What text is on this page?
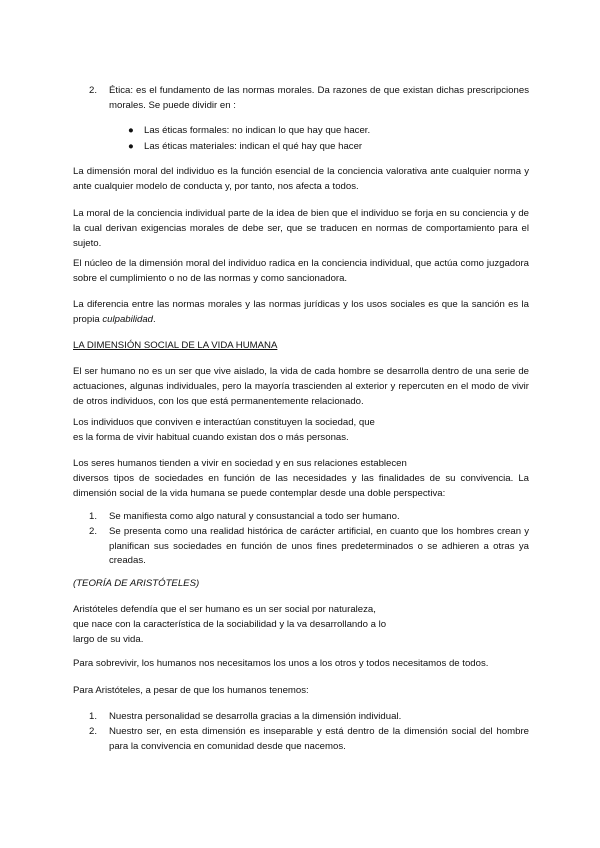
2. Ética: es el fundamento de las normas morales. Da razones de que existan dichas prescripciones morales. Se puede dividir en :
● Las éticas formales: no indican lo que hay que hacer.
● Las éticas materiales: indican el qué hay que hacer
La dimensión moral del individuo es la función esencial de la conciencia valorativa ante cualquier norma y ante cualquier modelo de conducta y, por tanto, nos afecta a todos.
La moral de la conciencia individual parte de la idea de bien que el individuo se forja en su conciencia y de la cual derivan exigencias morales de debe ser, que se traducen en normas de comportamiento para el sujeto.
El núcleo de la dimensión moral del individuo radica en la conciencia individual, que actúa como juzgadora sobre el cumplimiento o no de las normas y como sancionadora.
La diferencia entre las normas morales y las normas jurídicas y los usos sociales es que la sanción es la propia culpabilidad.
LA DIMENSIÓN SOCIAL DE LA VIDA HUMANA
El ser humano no es un ser que vive aislado, la vida de cada hombre se desarrolla dentro de una serie de actuaciones, algunas individuales, pero la mayoría trascienden al exterior y repercuten en el modo de vivir de otros individuos, con los que está permanentemente relacionado.
Los individuos que conviven e interactúan constituyen la sociedad, que
es la forma de vivir habitual cuando existan dos o más personas.
Los seres humanos tienden a vivir en sociedad y en sus relaciones establecen
diversos tipos de sociedades en función de las necesidades y las finalidades de su convivencia. La dimensión social de la vida humana se puede contemplar desde una doble perspectiva:
1. Se manifiesta como algo natural y consustancial a todo ser humano.
2. Se presenta como una realidad histórica de carácter artificial, en cuanto que los hombres crean y planifican sus sociedades en función de unos fines predeterminados o se adhieren a otras ya creadas.
(TEORÍA DE ARISTÓTELES)
Aristóteles defendía que el ser humano es un ser social por naturaleza,
que nace con la característica de la sociabilidad y la va desarrollando a lo
largo de su vida.
Para sobrevivir, los humanos nos necesitamos los unos a los otros y todos necesitamos de todos.
Para Aristóteles, a pesar de que los humanos tenemos:
1. Nuestra personalidad se desarrolla gracias a la dimensión individual.
2. Nuestro ser, en esta dimensión es inseparable y está dentro de la dimensión social del hombre para la convivencia en comunidad desde que nacemos.
